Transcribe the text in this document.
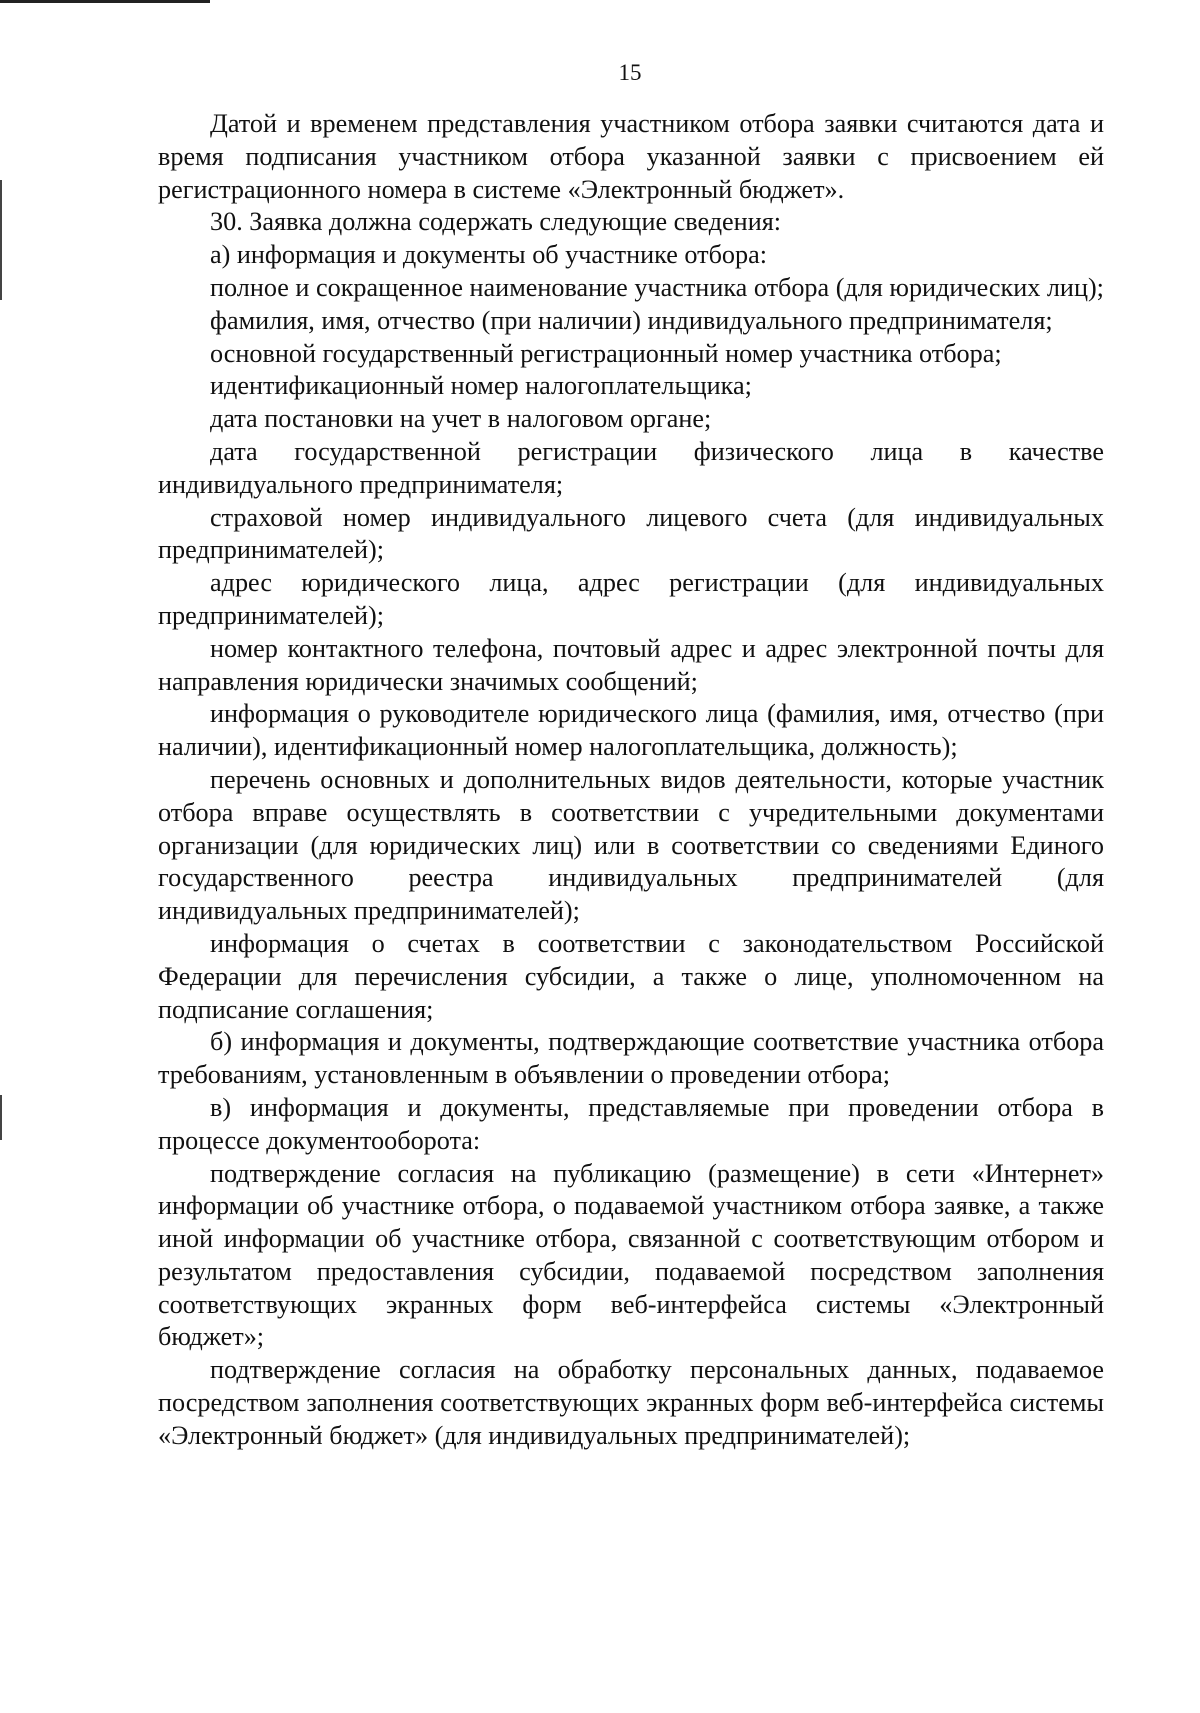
15

Датой и временем представления участником отбора заявки считаются дата и время подписания участником отбора указанной заявки с присвоением ей регистрационного номера в системе «Электронный бюджет».

30. Заявка должна содержать следующие сведения:

а) информация и документы об участнике отбора:

полное и сокращенное наименование участника отбора (для юридических лиц);

фамилия, имя, отчество (при наличии) индивидуального предпринимателя;

основной государственный регистрационный номер участника отбора;

идентификационный номер налогоплательщика;

дата постановки на учет в налоговом органе;

дата государственной регистрации физического лица в качестве индивидуального предпринимателя;

страховой номер индивидуального лицевого счета (для индивидуальных предпринимателей);

адрес юридического лица, адрес регистрации (для индивидуальных предпринимателей);

номер контактного телефона, почтовый адрес и адрес электронной почты для направления юридически значимых сообщений;

информация о руководителе юридического лица (фамилия, имя, отчество (при наличии), идентификационный номер налогоплательщика, должность);

перечень основных и дополнительных видов деятельности, которые участник отбора вправе осуществлять в соответствии с учредительными документами организации (для юридических лиц) или в соответствии со сведениями Единого государственного реестра индивидуальных предпринимателей (для индивидуальных предпринимателей);

информация о счетах в соответствии с законодательством Российской Федерации для перечисления субсидии, а также о лице, уполномоченном на подписание соглашения;

б) информация и документы, подтверждающие соответствие участника отбора требованиям, установленным в объявлении о проведении отбора;

в) информация и документы, представляемые при проведении отбора в процессе документооборота:

подтверждение согласия на публикацию (размещение) в сети «Интернет» информации об участнике отбора, о подаваемой участником отбора заявке, а также иной информации об участнике отбора, связанной с соответствующим отбором и результатом предоставления субсидии, подаваемой посредством заполнения соответствующих экранных форм веб-интерфейса системы «Электронный бюджет»;

подтверждение согласия на обработку персональных данных, подаваемое посредством заполнения соответствующих экранных форм веб-интерфейса системы «Электронный бюджет» (для индивидуальных предпринимателей);
